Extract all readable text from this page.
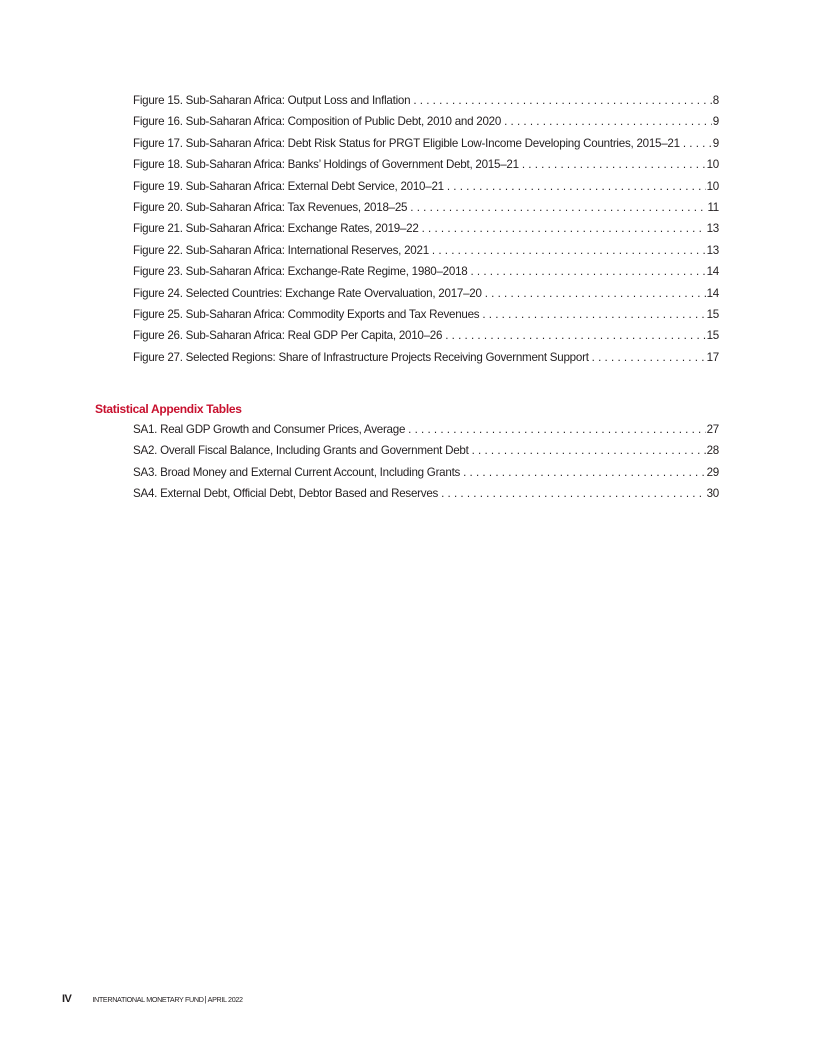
Figure 15. Sub-Saharan Africa: Output Loss and Inflation . . .	8
Figure 16. Sub-Saharan Africa: Composition of Public Debt, 2010 and 2020 . . .	9
Figure 17. Sub-Saharan Africa: Debt Risk Status for PRGT Eligible Low-Income Developing Countries, 2015–21 . . .	9
Figure 18. Sub-Saharan Africa: Banks’ Holdings of Government Debt, 2015–21 . . .	10
Figure 19. Sub-Saharan Africa: External Debt Service, 2010–21 . . .	10
Figure 20. Sub-Saharan Africa: Tax Revenues, 2018–25 . . .	11
Figure 21. Sub-Saharan Africa: Exchange Rates, 2019–22 . . .	13
Figure 22. Sub-Saharan Africa: International Reserves, 2021 . . .	13
Figure 23. Sub-Saharan Africa: Exchange-Rate Regime, 1980–2018 . . .	14
Figure 24. Selected Countries: Exchange Rate Overvaluation, 2017–20 . . .	14
Figure 25. Sub-Saharan Africa: Commodity Exports and Tax Revenues . . .	15
Figure 26. Sub-Saharan Africa: Real GDP Per Capita, 2010–26 . . .	15
Figure 27. Selected Regions: Share of Infrastructure Projects Receiving Government Support . . .	17
Statistical Appendix Tables
SA1. Real GDP Growth and Consumer Prices, Average . . .	27
SA2. Overall Fiscal Balance, Including Grants and Government Debt . . .	28
SA3. Broad Money and External Current Account, Including Grants . . .	29
SA4. External Debt, Official Debt, Debtor Based and Reserves . . .	30
IV	INTERNATIONAL MONETARY FUND | APRIL 2022
